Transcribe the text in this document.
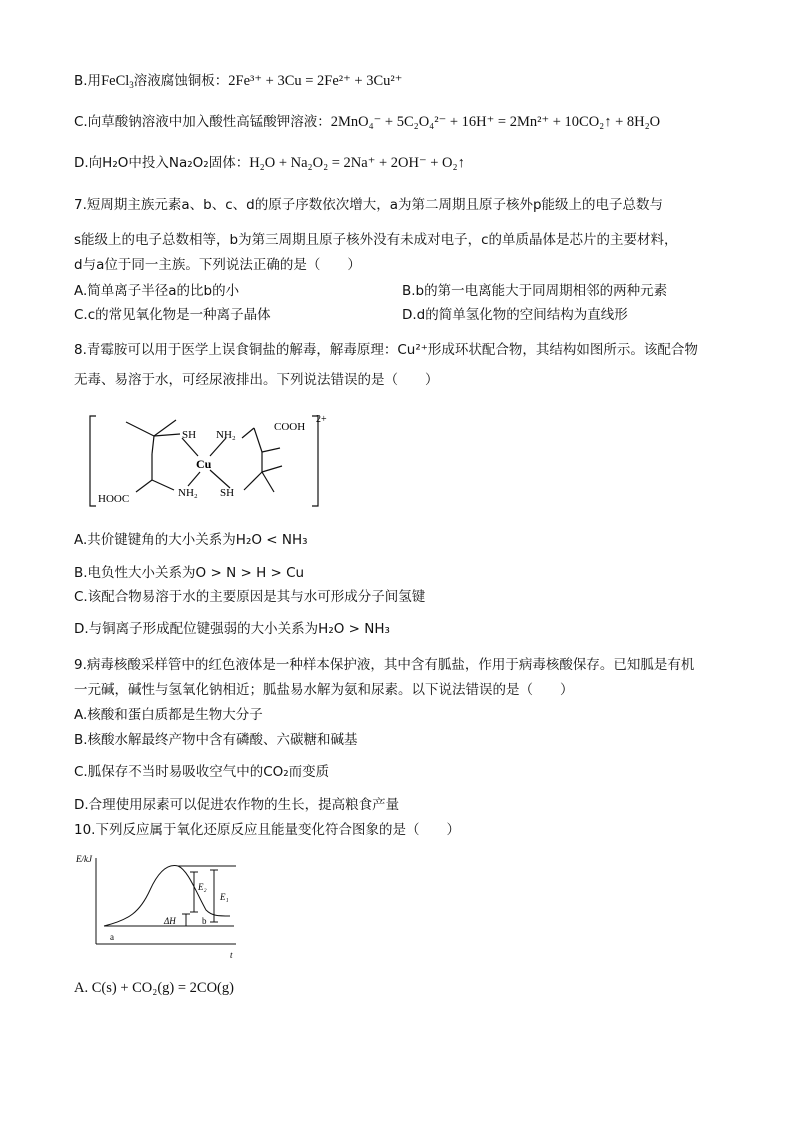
B.用FeCl$_3$溶液腐蚀铜板：2Fe³⁺ + 3Cu = 2Fe²⁺ + 3Cu²⁺
C.向草酸钠溶液中加入酸性高锰酸钾溶液：2MnO₄⁻ + 5C₂O₄²⁻ + 16H⁺ = 2Mn²⁺ + 10CO₂↑ + 8H₂O
D.向H₂O中投入Na₂O₂固体：H₂O + Na₂O₂ = 2Na⁺ + 2OH⁻ + O₂↑
7.短周期主族元素a、b、c、d的原子序数依次增大，a为第二周期且原子核外p能级上的电子总数与
s能级上的电子总数相等，b为第三周期且原子核外没有未成对电子，c的单质晶体是芯片的主要材料，
d与a位于同一主族。下列说法正确的是（　　）
A.简单离子半径a的比b的小	B.b的第一电离能大于同周期相邻的两种元素
C.c的常见氧化物是一种离子晶体	D.d的简单氢化物的空间结构为直线形
8.青霉胺可以用于医学上误食铜盐的解毒，解毒原理：Cu²⁺形成环状配合物，其结构如图所示。该配合物
无毒、易溶于水，可经尿液排出。下列说法错误的是（　　）
SH NH₂
COOH
2+
Cu
HOOC	NH₂ SH
A.共价键键角的大小关系为H₂O < NH₃
B.电负性大小关系为O > N > H > Cu
C.该配合物易溶于水的主要原因是其与水可形成分子间氢键
D.与铜离子形成配位键强弱的大小关系为H₂O > NH₃
9.病毒核酸采样管中的红色液体是一种样本保护液，其中含有胍盐，作用于病毒核酸保存。已知胍是有机
一元碱，碱性与氢氧化钠相近；胍盐易水解为氨和尿素。以下说法错误的是（　　）
A.核酸和蛋白质都是生物大分子
B.核酸水解最终产物中含有磷酸、六碳糖和碱基
C.胍保存不当时易吸收空气中的CO₂而变质
D.合理使用尿素可以促进农作物的生长，提高粮食产量
10.下列反应属于氧化还原反应且能量变化符合图象的是（　　）
E/kJ
t
E₁
E₂
ΔH
a
b
A. C(s) + CO₂(g) = 2CO(g)
